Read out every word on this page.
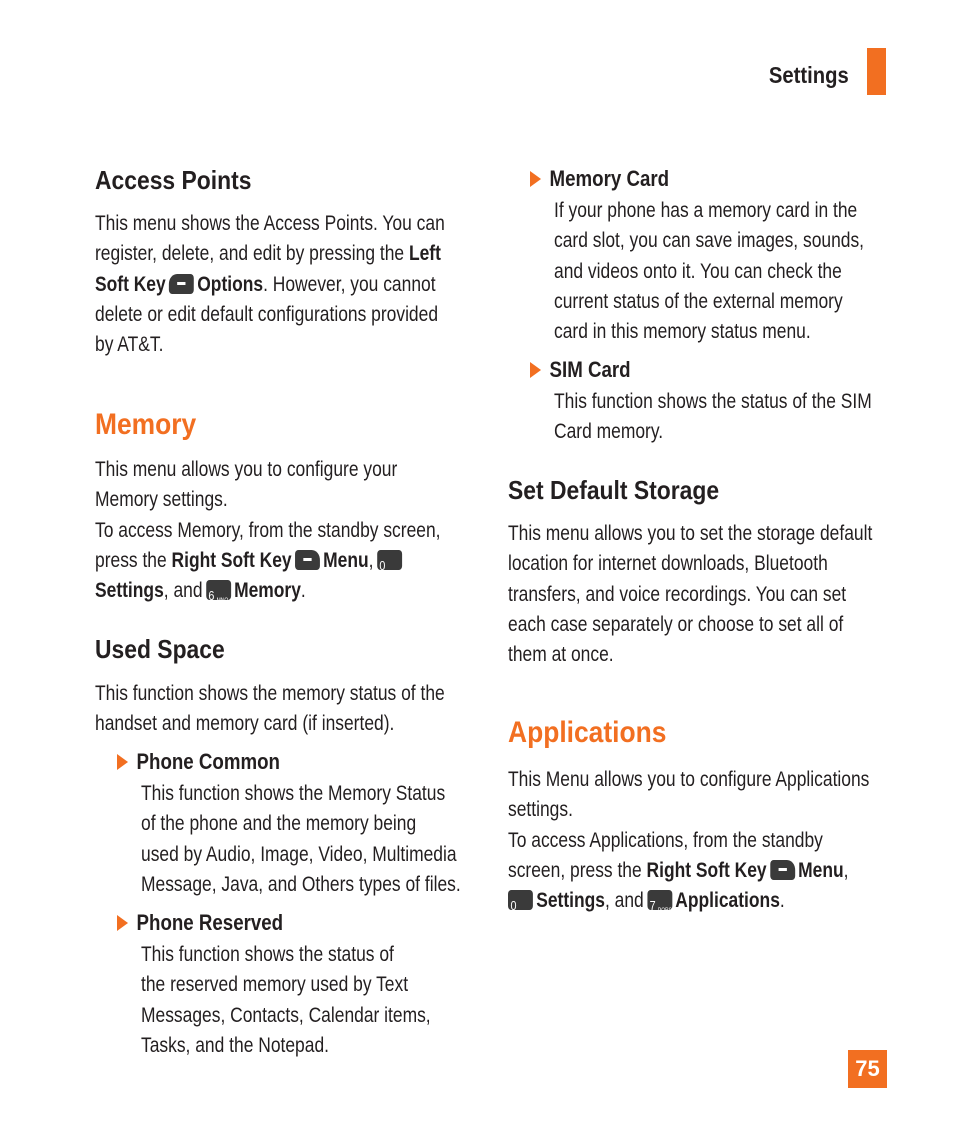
Settings
Access Points
This menu shows the Access Points. You can
register, delete, and edit by pressing the Left
Soft Key Options. However, you cannot
delete or edit default configurations provided
by AT&T.
Memory
This menu allows you to configure your
Memory settings.
To access Memory, from the standby screen,
press the Right Soft Key Menu, 0
Settings, and 6 MNO Memory.
Used Space
This function shows the memory status of the
handset and memory card (if inserted).
Phone Common
This function shows the Memory Status
of the phone and the memory being
used by Audio, Image, Video, Multimedia
Message, Java, and Others types of files.
Phone Reserved
This function shows the status of
the reserved memory used by Text
Messages, Contacts, Calendar items,
Tasks, and the Notepad.
Memory Card
If your phone has a memory card in the
card slot, you can save images, sounds,
and videos onto it. You can check the
current status of the external memory
card in this memory status menu.
SIM Card
This function shows the status of the SIM
Card memory.
Set Default Storage
This menu allows you to set the storage default
location for internet downloads, Bluetooth
transfers, and voice recordings. You can set
each case separately or choose to set all of
them at once.
Applications
This Menu allows you to configure Applications
settings.
To access Applications, from the standby
screen, press the Right Soft Key Menu,
0 Settings, and 7 PQRS Applications.
75
